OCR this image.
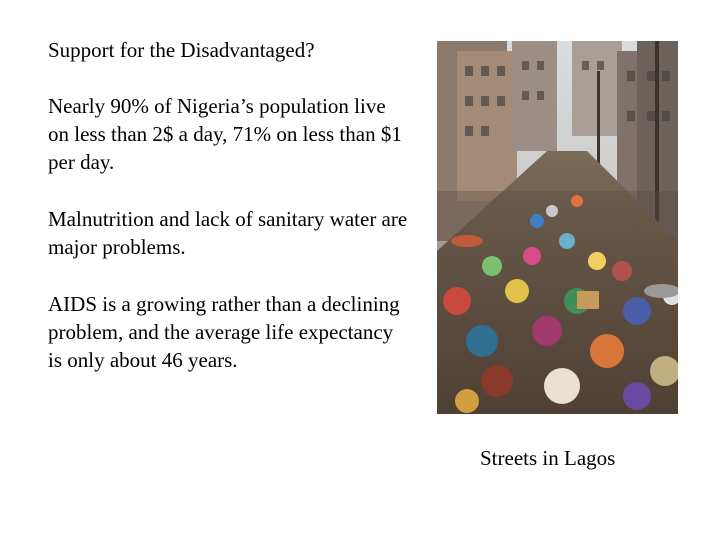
Support for the Disadvantaged?
Nearly 90% of Nigeria’s population live on less than 2$ a day, 71% on less than $1 per day.
Malnutrition and lack of sanitary water are major problems.
AIDS is a growing rather than a declining problem, and the average life expectancy is only about 46 years.
Streets in Lagos
